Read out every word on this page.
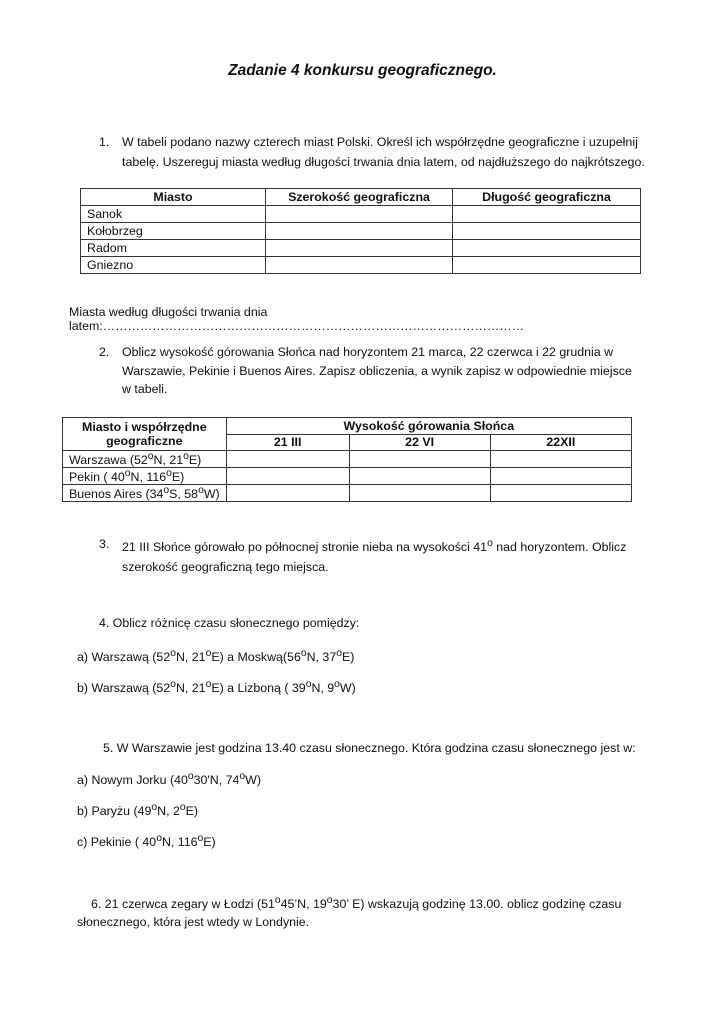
Zadanie 4 konkursu geograficznego.
1. W tabeli podano nazwy czterech miast Polski. Określ ich współrzędne geograficzne i uzupełnij tabelę. Uszereguj miasta według długości trwania dnia latem, od najdłuższego do najkrótszego.
Miasto	Szerokość geograficzna	Długość geograficzna
Sanok		
Kołobrzeg		
Radom		
Gniezno		
Miasta według długości trwania dnia latem:…………………………………………………………………………………………
2. Oblicz wysokość górowania Słońca nad horyzontem 21 marca, 22 czerwca i 22 grudnia w Warszawie, Pekinie i Buenos Aires. Zapisz obliczenia, a wynik zapisz w odpowiednie miejsce w tabeli.
Miasto i współrzędne geograficzne	Wysokość górowania Słońca		
	21 III	22 VI	22XII
Warszawa (52$^o$N, 21$^o$E)			
Pekin ( 40$^o$N, 116$^o$E)			
Buenos Aires (34$^o$S, 58$^o$W)			
3. 21 III Słońce górowało po północnej stronie nieba na wysokości 41$^o$ nad horyzontem. Oblicz szerokość geograficzną tego miejsca.
4. Oblicz różnicę czasu słonecznego pomiędzy:
a) Warszawą (52$^o$N, 21$^o$E) a Moskwą(56$^o$N, 37$^o$E)
b) Warszawą (52$^o$N, 21$^o$E) a Lizboną ( 39$^o$N, 9$^o$W)
5. W Warszawie jest godzina 13.40 czasu słonecznego. Która godzina czasu słonecznego jest w:
a) Nowym Jorku (40$^o$30'N, 74$^o$W)
b) Paryżu (49$^o$N, 2$^o$E)
c) Pekinie ( 40$^o$N, 116$^o$E)
6. 21 czerwca zegary w Łodzi (51$^o$45’N, 19$^o$30’ E) wskazują godzinę 13.00. oblicz godzinę czasu
słonecznego, która jest wtedy w Londynie.
